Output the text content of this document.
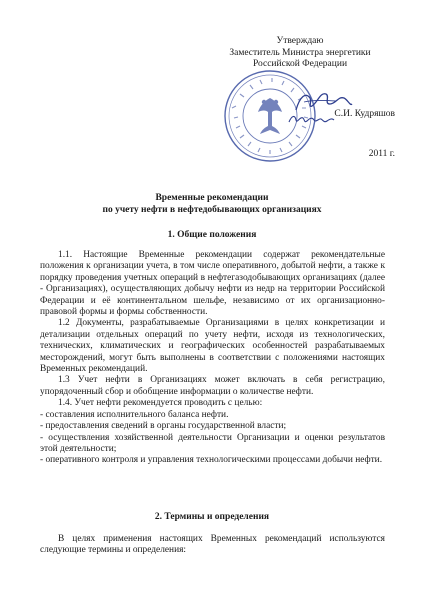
Утверждаю
Заместитель Министра энергетики
Российской Федерации
С.И. Кудряшов
2011 г.
Временные рекомендации
по учету нефти в нефтедобывающих организациях
1. Общие положения

1.1. Настоящие Временные рекомендации содержат рекомендательные положения к организации учета, в том числе оперативного, добытой нефти, а также к порядку проведения учетных операций в нефтегазодобывающих организациях (далее - Организациях), осуществляющих добычу нефти из недр на территории Российской Федерации и её континентальном шельфе, независимо от их организационно-правовой формы и формы собственности.

1.2 Документы, разрабатываемые Организациями в целях конкретизации и детализации отдельных операций по учету нефти, исходя из технологических, технических, климатических и географических особенностей разрабатываемых месторождений, могут быть выполнены в соответствии с положениями настоящих Временных рекомендаций.

1.3 Учет нефти в Организациях может включать в себя регистрацию, упорядоченный сбор и обобщение информации о количестве нефти.

1.4. Учет нефти рекомендуется проводить с целью:

- составления исполнительного баланса нефти.

- предоставления сведений в органы государственной власти;

- осуществления хозяйственной деятельности Организации и оценки результатов этой деятельности;

- оперативного контроля и управления технологическими процессами добычи нефти.

2. Термины и определения

В целях применения настоящих Временных рекомендаций используются следующие термины и определения:
